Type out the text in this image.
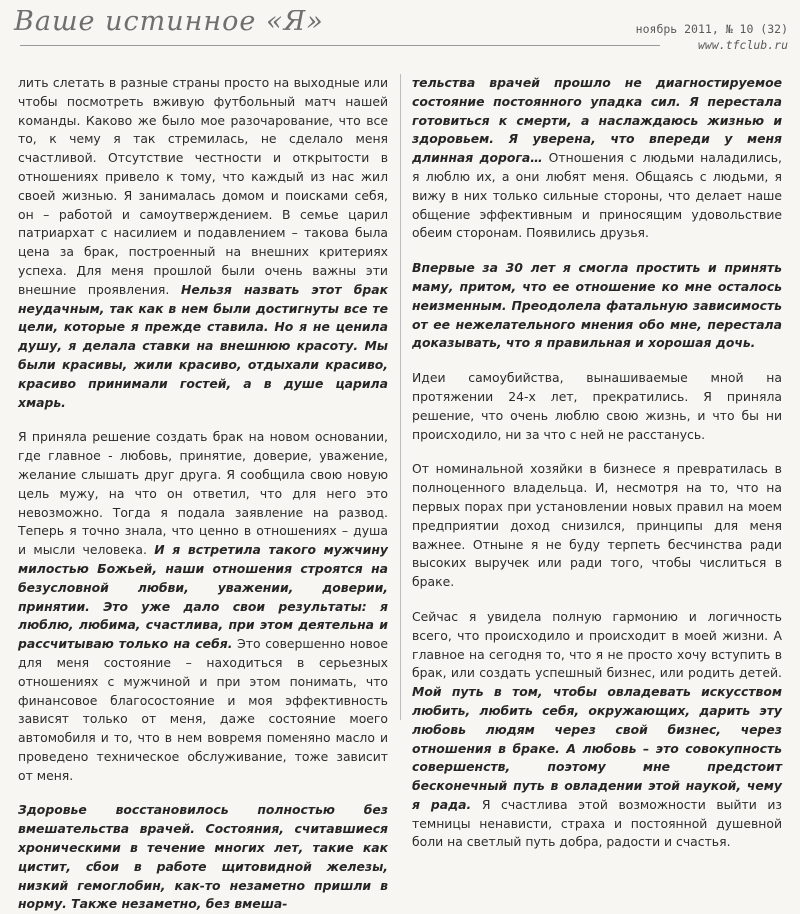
Ваше истинное «Я»	ноябрь 2011, № 10 (32)
www.tfclub.ru

лить слетать в разные страны просто на выходные или чтобы посмотреть вживую футбольный матч нашей команды. Каково же было мое разочарование, что все то, к чему я так стремилась, не сделало меня счастливой. Отсутствие честности и открытости в отношениях привело к тому, что каждый из нас жил своей жизнью. Я занималась домом и поисками себя, он – работой и самоутверждением. В семье царил патриархат с насилием и подавлением – такова была цена за брак, построенный на внешних критериях успеха. Для меня прошлой были очень важны эти внешние проявления. Нельзя назвать этот брак неудачным, так как в нем были достигнуты все те цели, которые я прежде ставила. Но я не ценила душу, я делала ставки на внешнюю красоту. Мы были красивы, жили красиво, отдыхали красиво, красиво принимали гостей, а в душе царила хмарь.

Я приняла решение создать брак на новом основании, где главное - любовь, принятие, доверие, уважение, желание слышать друг друга. Я сообщила свою новую цель мужу, на что он ответил, что для него это невозможно. Тогда я подала заявление на развод. Теперь я точно знала, что ценно в отношениях – душа и мысли человека. И я встретила такого мужчину милостью Божьей, наши отношения строятся на безусловной любви, уважении, доверии, принятии. Это уже дало свои результаты: я люблю, любима, счастлива, при этом деятельна и рассчитываю только на себя. Это совершенно новое для меня состояние – находиться в серьезных отношениях с мужчиной и при этом понимать, что финансовое благосостояние и моя эффективность зависят только от меня, даже состояние моего автомобиля и то, что в нем вовремя поменяно масло и проведено техническое обслуживание, тоже зависит от меня.

Здоровье восстановилось полностью без вмешательства врачей. Состояния, считавшиеся хроническими в течение многих лет, такие как цистит, сбои в работе щитовидной железы, низкий гемоглобин, как-то незаметно пришли в норму. Также незаметно, без вмеша-

тельства врачей прошло не диагностируемое состояние постоянного упадка сил. Я перестала готовиться к смерти, а наслаждаюсь жизнью и здоровьем. Я уверена, что впереди у меня длинная дорога… Отношения с людьми наладились, я люблю их, а они любят меня. Общаясь с людьми, я вижу в них только сильные стороны, что делает наше общение эффективным и приносящим удовольствие обеим сторонам. Появились друзья.

Впервые за 30 лет я смогла простить и принять маму, притом, что ее отношение ко мне осталось неизменным. Преодолела фатальную зависимость от ее нежелательного мнения обо мне, перестала доказывать, что я правильная и хорошая дочь.

Идеи самоубийства, вынашиваемые мной на протяжении 24-х лет, прекратились. Я приняла решение, что очень люблю свою жизнь, и что бы ни происходило, ни за что с ней не расстанусь.

От номинальной хозяйки в бизнесе я превратилась в полноценного владельца. И, несмотря на то, что на первых порах при установлении новых правил на моем предприятии доход снизился, принципы для меня важнее. Отныне я не буду терпеть бесчинства ради высоких выручек или ради того, чтобы числиться в браке.

Сейчас я увидела полную гармонию и логичность всего, что происходило и происходит в моей жизни. А главное на сегодня то, что я не просто хочу вступить в брак, или создать успешный бизнес, или родить детей. Мой путь в том, чтобы овладевать искусством любить, любить себя, окружающих, дарить эту любовь людям через свой бизнес, через отношения в браке. А любовь – это совокупность совершенств, поэтому мне предстоит бесконечный путь в овладении этой наукой, чему я рада. Я счастлива этой возможности выйти из темницы ненависти, страха и постоянной душевной боли на светлый путь добра, радости и счастья.
